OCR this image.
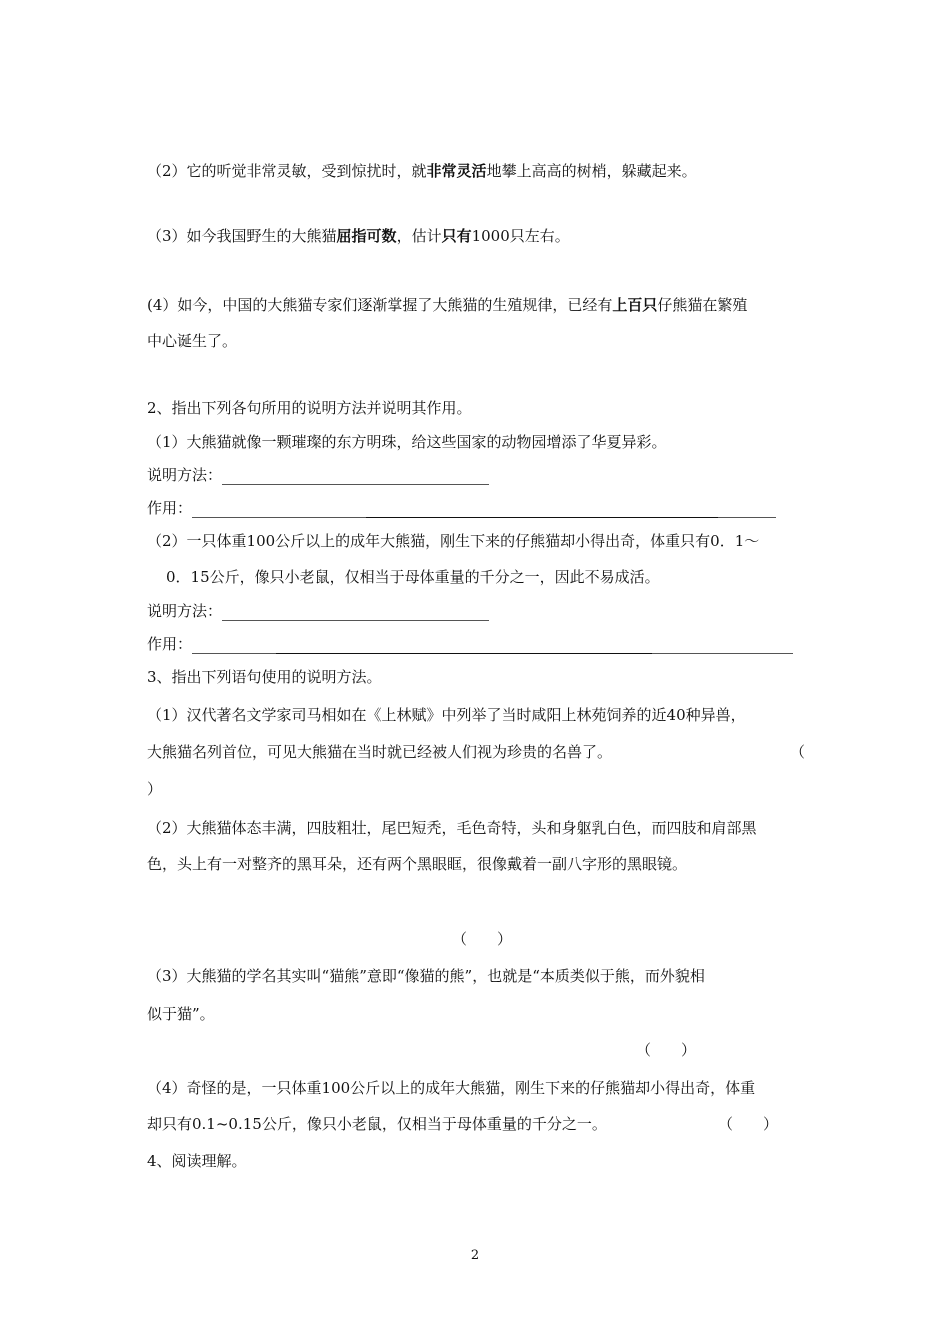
（2）它的听觉非常灵敏，受到惊扰时，就非常灵活地攀上高高的树梢，躲藏起来。
（3）如今我国野生的大熊猫屈指可数，估计只有1000只左右。
(4）如今，中国的大熊猫专家们逐渐掌握了大熊猫的生殖规律，已经有上百只仔熊猫在繁殖
中心诞生了。
2、指出下列各句所用的说明方法并说明其作用。
（1）大熊猫就像一颗璀璨的东方明珠，给这些国家的动物园增添了华夏异彩。
说明方法：
作用：
（2）一只体重100公斤以上的成年大熊猫，刚生下来的仔熊猫却小得出奇，体重只有0．1～
0．15公斤，像只小老鼠，仅相当于母体重量的千分之一，因此不易成活。
说明方法：
作用：
3、指出下列语句使用的说明方法。
（1）汉代著名文学家司马相如在《上林赋》中列举了当时咸阳上林苑饲养的近40种异兽，
大熊猫名列首位，可见大熊猫在当时就已经被人们视为珍贵的名兽了。	（
）
（2）大熊猫体态丰满，四肢粗壮，尾巴短秃，毛色奇特，头和身躯乳白色，而四肢和肩部黑
色，头上有一对整齐的黑耳朵，还有两个黑眼眶，很像戴着一副八字形的黑眼镜。
（　　）
（3）大熊猫的学名其实叫“猫熊”意即“像猫的熊”，也就是“本质类似于熊，而外貌相
似于猫”。
（　　）
（4）奇怪的是，一只体重100公斤以上的成年大熊猫，刚生下来的仔熊猫却小得出奇，体重
却只有0.1~0.15公斤，像只小老鼠，仅相当于母体重量的千分之一。	（　　）
4、阅读理解。
2
